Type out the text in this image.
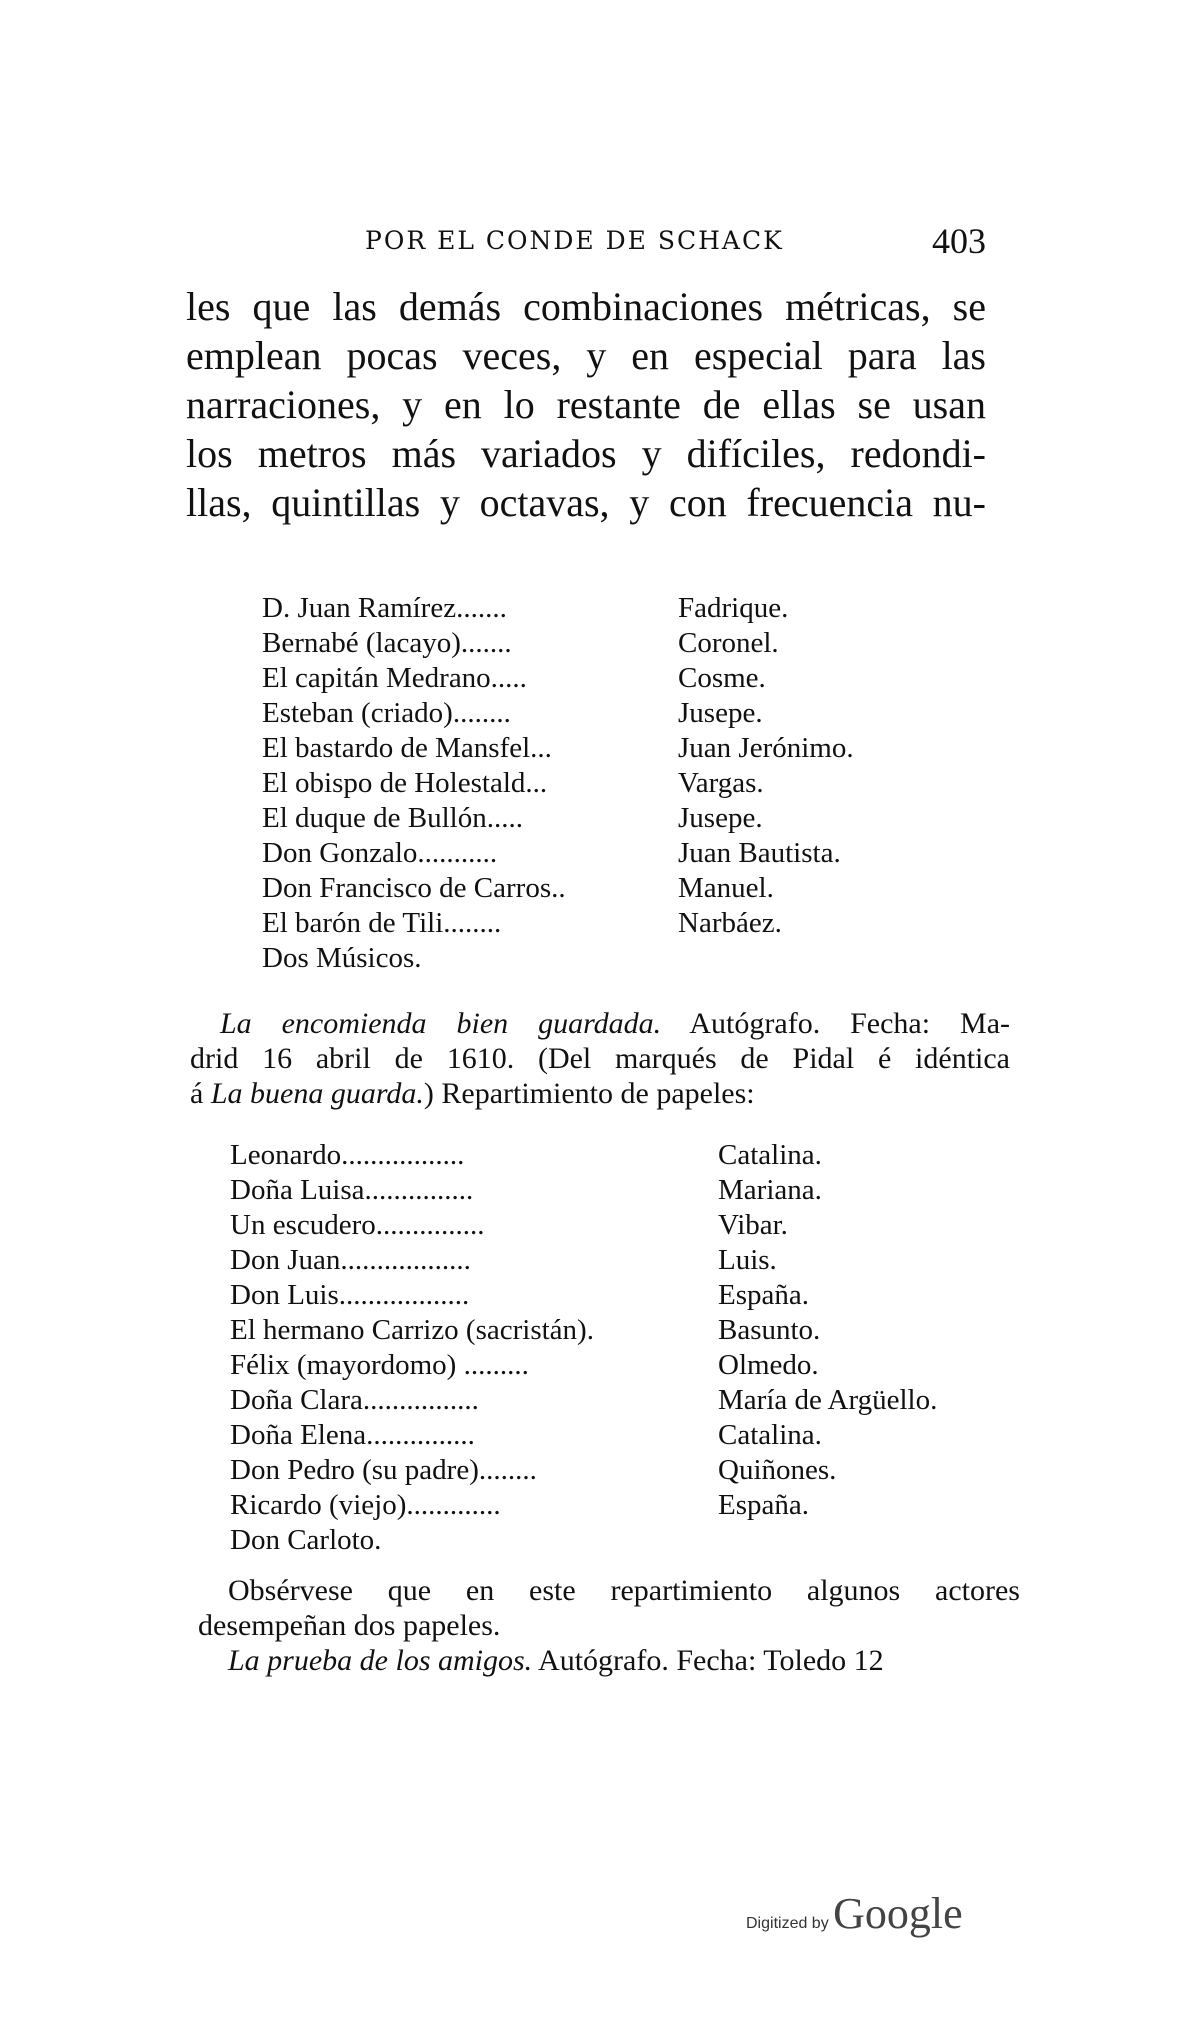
POR EL CONDE DE SCHACK	403
les que las demás combinaciones métricas, se
emplean pocas veces, y en especial para las
narraciones, y en lo restante de ellas se usan
los metros más variados y difíciles, redondi-
llas, quintillas y octavas, y con frecuencia nu-
D. Juan Ramírez.......	Fadrique.
Bernabé (lacayo).......	Coronel.
El capitán Medrano.....	Cosme.
Esteban (criado)........	Jusepe.
El bastardo de Mansfel...	Juan Jerónimo.
El obispo de Holestald...	Vargas.
El duque de Bullón.....	Jusepe.
Don Gonzalo...........	Juan Bautista.
Don Francisco de Carros..	Manuel.
El barón de Tili........	Narbáez.
Dos Músicos.
La encomienda bien guardada. Autógrafo. Fecha: Ma-
drid 16 abril de 1610. (Del marqués de Pidal é idéntica
á La buena guarda.) Repartimiento de papeles:
Leonardo.................	Catalina.
Doña Luisa...............	Mariana.
Un escudero...............	Vibar.
Don Juan..................	Luis.
Don Luis..................	España.
El hermano Carrizo (sacristán).	Basunto.
Félix (mayordomo) .........	Olmedo.
Doña Clara................	María de Argüello.
Doña Elena...............	Catalina.
Don Pedro (su padre)........	Quiñones.
Ricardo (viejo).............	España.
Don Carloto.
Obsérvese que en este repartimiento algunos actores
desempeñan dos papeles.
La prueba de los amigos. Autógrafo. Fecha: Toledo 12
Digitized by Google
